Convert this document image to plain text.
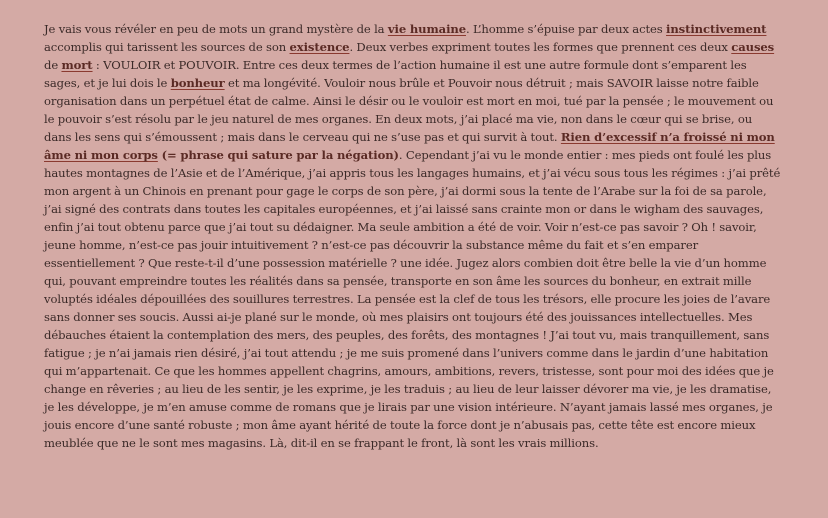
Je vais vous révéler en peu de mots un grand mystère de la vie humaine. L’homme s’épuise par deux actes instinctivement accomplis qui tarissent les sources de son existence. Deux verbes expriment toutes les formes que prennent ces deux causes de mort : VOULOIR et POUVOIR. Entre ces deux termes de l’action humaine il est une autre formule dont s’emparent les sages, et je lui dois le bonheur et ma longévité. Vouloir nous brûle et Pouvoir nous détruit ; mais SAVOIR laisse notre faible organisation dans un perpétuel état de calme. Ainsi le désir ou le vouloir est mort en moi, tué par la pensée ; le mouvement ou le pouvoir s’est résolu par le jeu naturel de mes organes. En deux mots, j’ai placé ma vie, non dans le cœur qui se brise, ou dans les sens qui s’émoussent ; mais dans le cerveau qui ne s’use pas et qui survit à tout. Rien d’excessif n’a froissé ni mon âme ni mon corps (= phrase qui sature par la négation). Cependant j’ai vu le monde entier : mes pieds ont foulé les plus hautes montagnes de l’Asie et de l’Amérique, j’ai appris tous les langages humains, et j’ai vécu sous tous les régimes : j’ai prêté mon argent à un Chinois en prenant pour gage le corps de son père, j’ai dormi sous la tente de l’Arabe sur la foi de sa parole, j’ai signé des contrats dans toutes les capitales européennes, et j’ai laissé sans crainte mon or dans le wigham des sauvages, enfin j’ai tout obtenu parce que j’ai tout su dédaigner. Ma seule ambition a été de voir. Voir n’est-ce pas savoir ? Oh ! savoir, jeune homme, n’est-ce pas jouir intuitivement ? n’est-ce pas découvrir la substance même du fait et s’en emparer essentiellement ? Que reste-t-il d’une possession matérielle ? une idée. Jugez alors combien doit être belle la vie d’un homme qui, pouvant empreindre toutes les réalités dans sa pensée, transporte en son âme les sources du bonheur, en extrait mille voluptés idéales dépouillées des souillures terrestres. La pensée est la clef de tous les trésors, elle procure les joies de l’avare sans donner ses soucis. Aussi ai-je plané sur le monde, où mes plaisirs ont toujours été des jouissances intellectuelles. Mes débauches étaient la contemplation des mers, des peuples, des forêts, des montagnes ! J’ai tout vu, mais tranquillement, sans fatigue ; je n’ai jamais rien désiré, j’ai tout attendu ; je me suis promené dans l’univers comme dans le jardin d’une habitation qui m’appartenait. Ce que les hommes appellent chagrins, amours, ambitions, revers, tristesse, sont pour moi des idées que je change en rêveries ; au lieu de les sentir, je les exprime, je les traduis ; au lieu de leur laisser dévorer ma vie, je les dramatise, je les développe, je m’en amuse comme de romans que je lirais par une vision intérieure. N’ayant jamais lassé mes organes, je jouis encore d’une santé robuste ; mon âme ayant hérité de toute la force dont je n’abusais pas, cette tête est encore mieux meublée que ne le sont mes magasins. Là, dit-il en se frappant le front, là sont les vrais millions.
